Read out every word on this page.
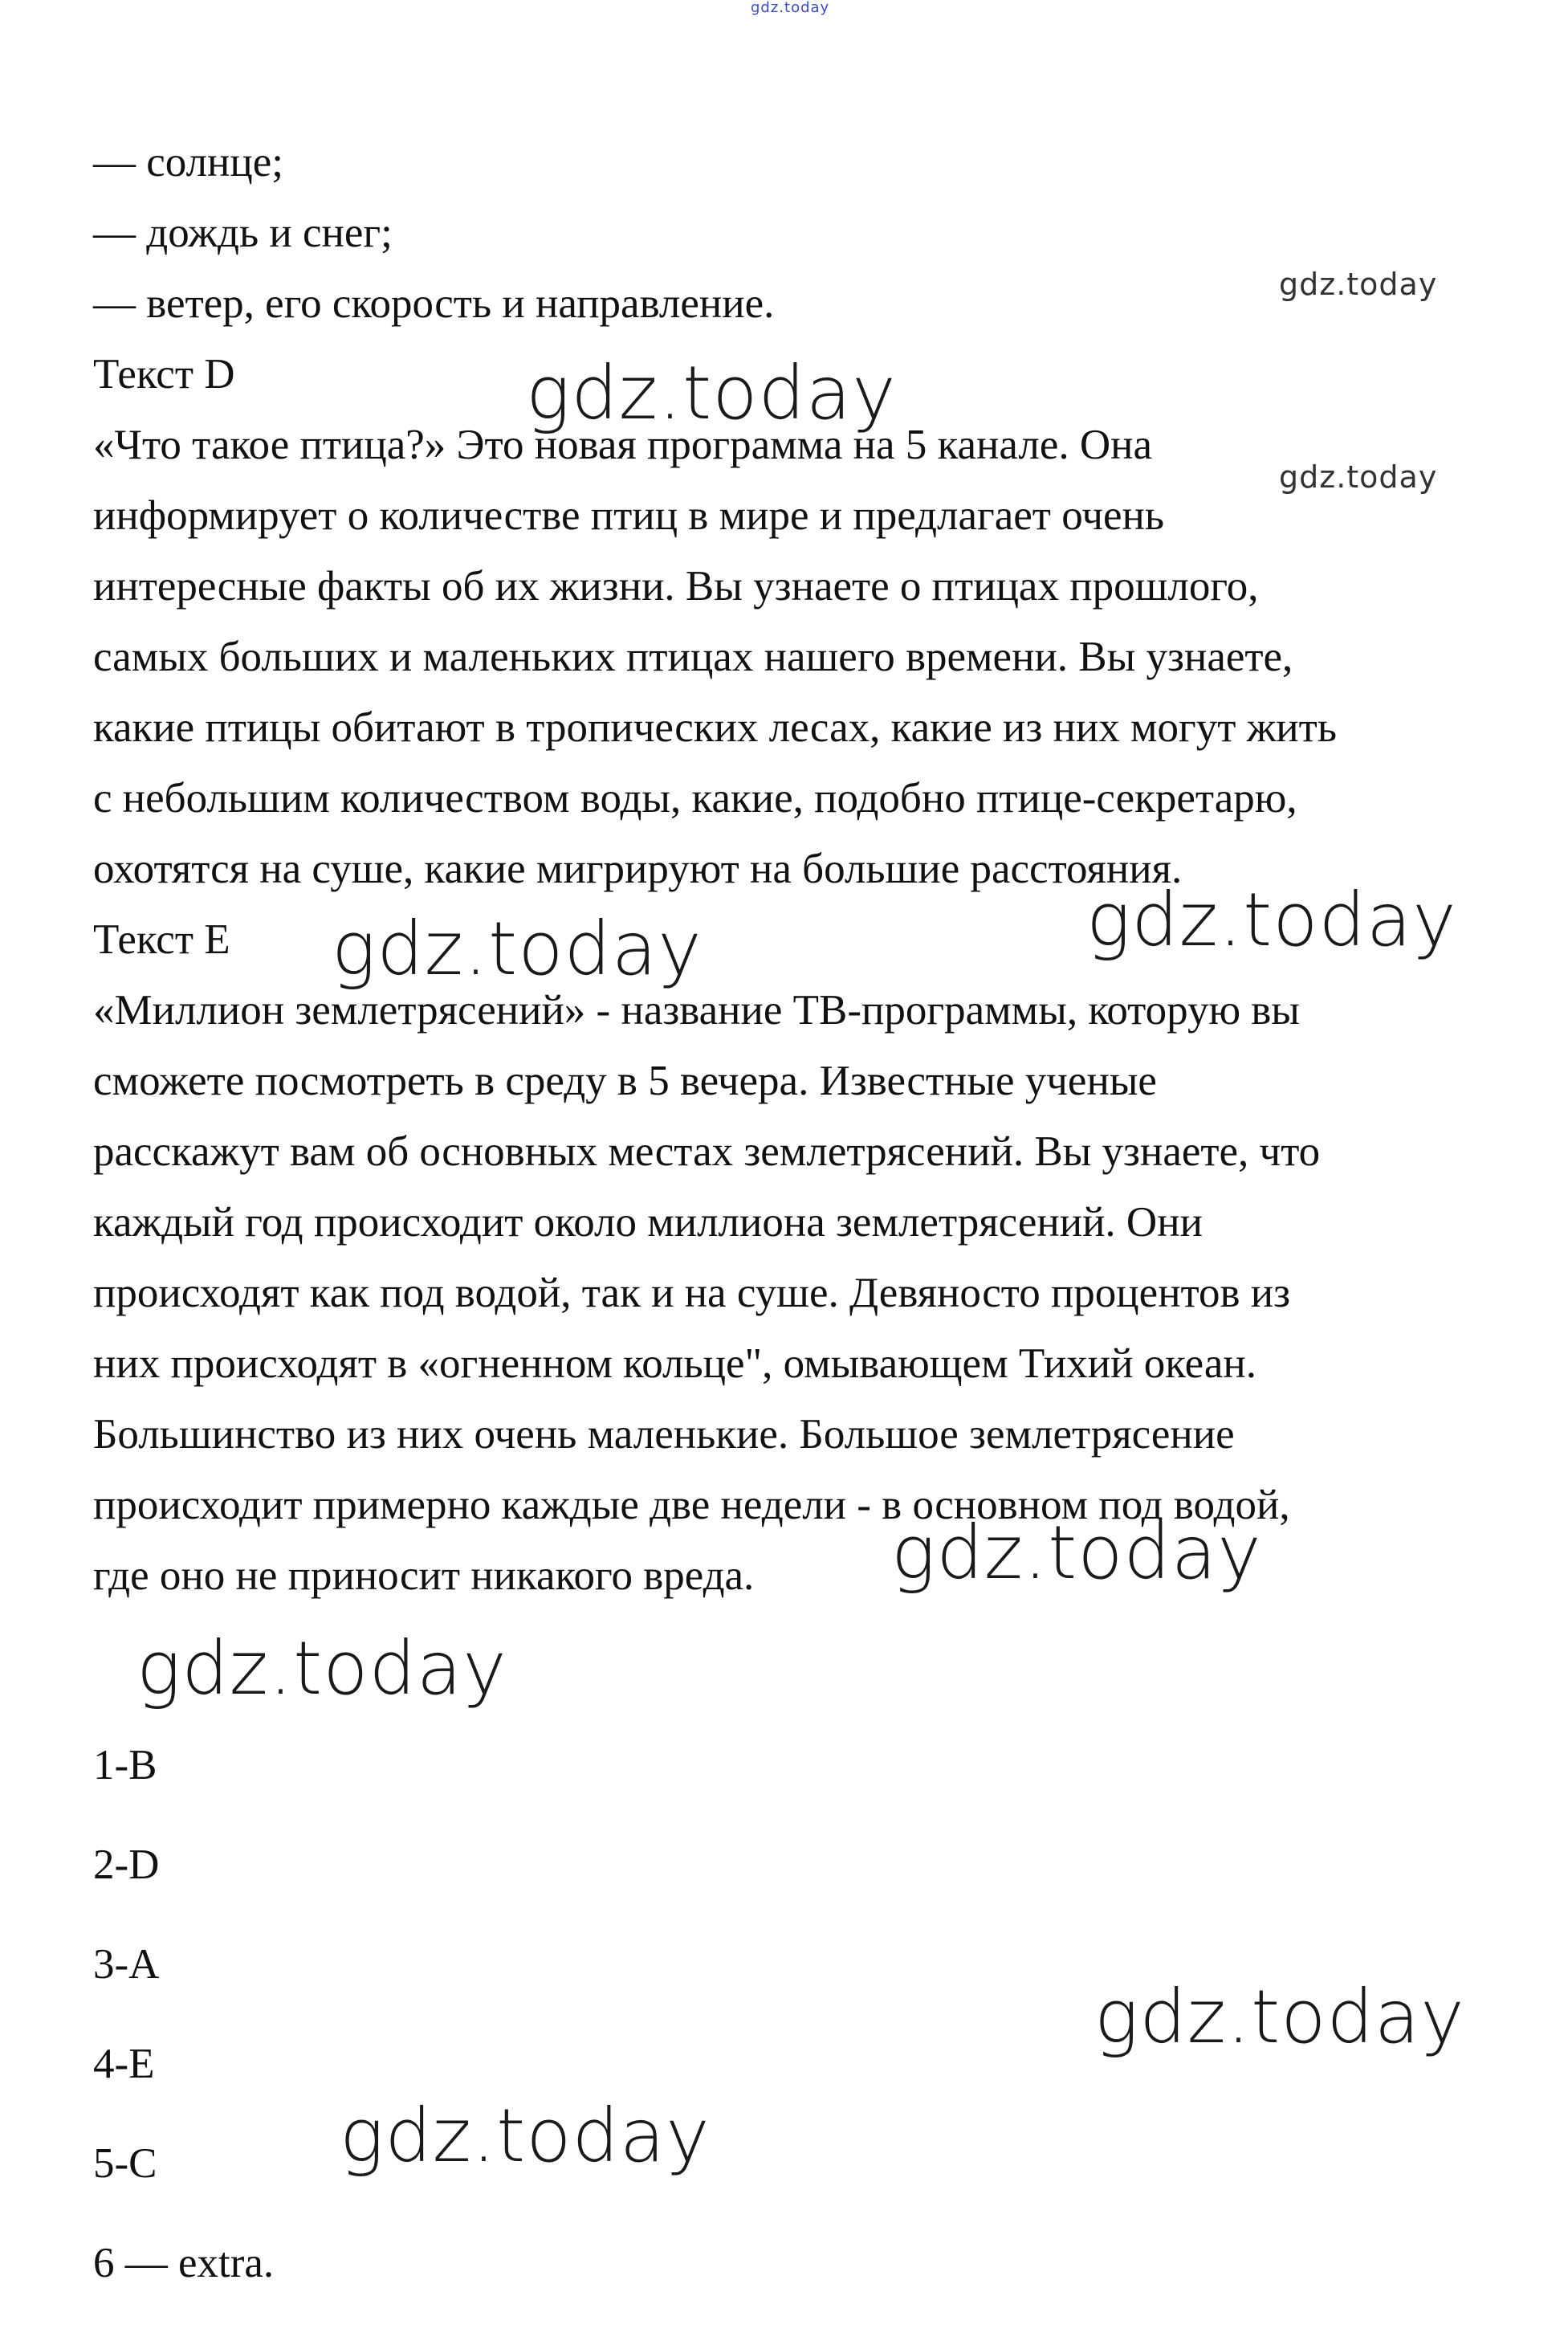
gdz.today
— солнце;
— дождь и снег;
— ветер, его скорость и направление.
Текст D
«Что такое птица?» Это новая программа на 5 канале. Она
информирует о количестве птиц в мире и предлагает очень
интересные факты об их жизни. Вы узнаете о птицах прошлого,
самых больших и маленьких птицах нашего времени. Вы узнаете,
какие птицы обитают в тропических лесах, какие из них могут жить
с небольшим количеством воды, какие, подобно птице-секретарю,
охотятся на суше, какие мигрируют на большие расстояния.
Текст E
«Миллион землетрясений» - название ТВ-программы, которую вы
сможете посмотреть в среду в 5 вечера. Известные ученые
расскажут вам об основных местах землетрясений. Вы узнаете, что
каждый год происходит около миллиона землетрясений. Они
происходят как под водой, так и на суше. Девяносто процентов из
них происходят в «огненном кольце", омывающем Тихий океан.
Большинство из них очень маленькие. Большое землетрясение
происходит примерно каждые две недели - в основном под водой,
где оно не приносит никакого вреда.
1-B
2-D
3-A
4-E
5-C
6 — extra.
gdz.today
gdz.today
gdz.today
gdz.today
gdz.today
gdz.today
gdz.today
gdz.today
gdz.today
